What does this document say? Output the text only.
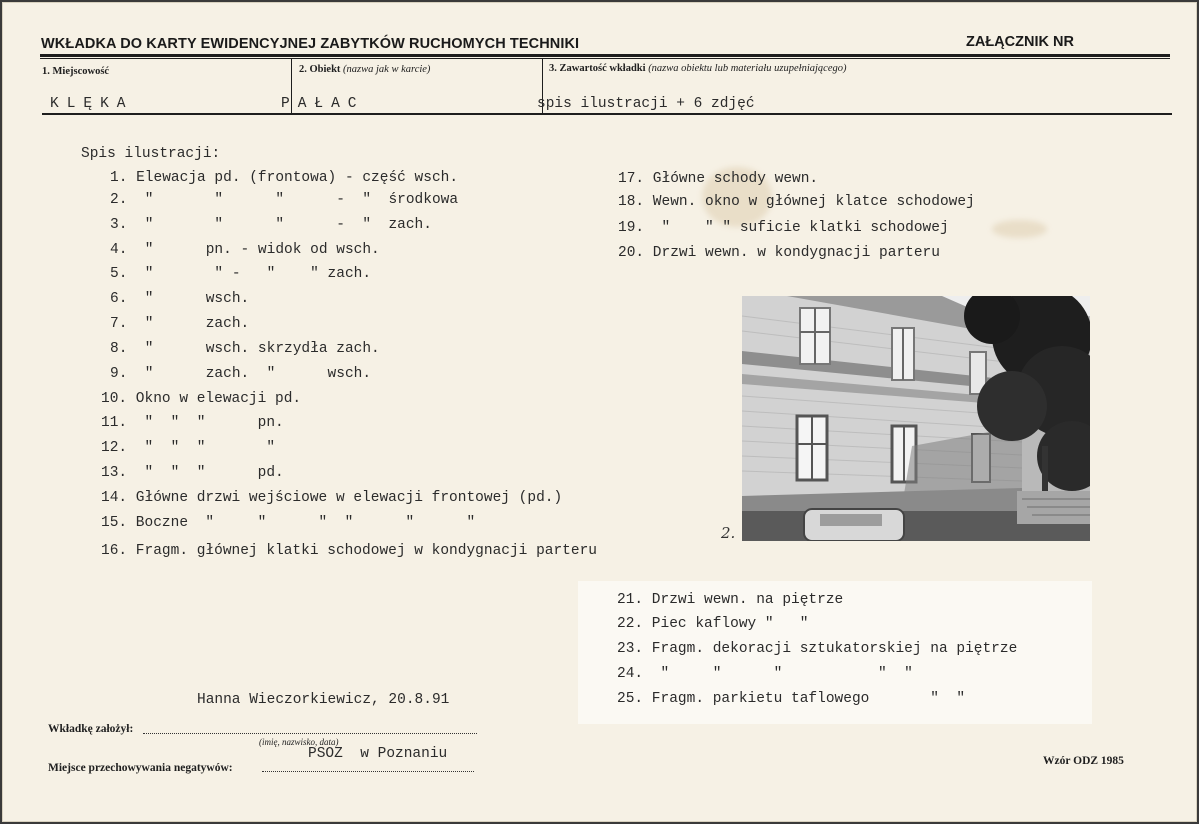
WKŁADKA DO KARTY EWIDENCYJNEJ ZABYTKÓW RUCHOMYCH TECHNIKI	ZAŁĄCZNIK NR
1. Miejscowość	2. Obiekt (nazwa jak w karcie)	3. Zawartość wkładki (nazwa obiektu lub materiału uzupełniającego)
KLĘKA	PAŁAC	spis ilustracji + 6 zdjęć
Spis ilustracji:
1. Elewacja pd. (frontowa) - część wsch.
2.  "       "      "      -  "  środkowa
3.  "       "      "      -  "  zach.
4.  "      pn. - widok od wsch.
5.  "       " -   "    " zach.
6.  "      wsch.
7.  "      zach.
8.  "      wsch. skrzydła zach.
9.  "      zach.  "      wsch.
10. Okno w elewacji pd.
11.  "  "  "      pn.
12.  "  "  "       "
13.  "  "  "      pd.
14. Główne drzwi wejściowe w elewacji frontowej (pd.)
15. Boczne  "     "      "  "      "      "
16. Fragm. głównej klatki schodowej w kondygnacji parteru
17. Główne schody wewn.
18. Wewn. okno w głównej klatce schodowej
19.  "    " " suficie klatki schodowej
20. Drzwi wewn. w kondygnacji parteru
2.
21. Drzwi wewn. na piętrze
22. Piec kaflowy "   "
23. Fragm. dekoracji sztukatorskiej na piętrze
24.  "     "      "           "  "
25. Fragm. parkietu taflowego       "  "
Hanna Wieczorkiewicz, 20.8.91
Wkładkę założył:
(imię, nazwisko, data)
Miejsce przechowywania negatywów:
PSOZ  w Poznaniu	Wzór ODZ 1985
